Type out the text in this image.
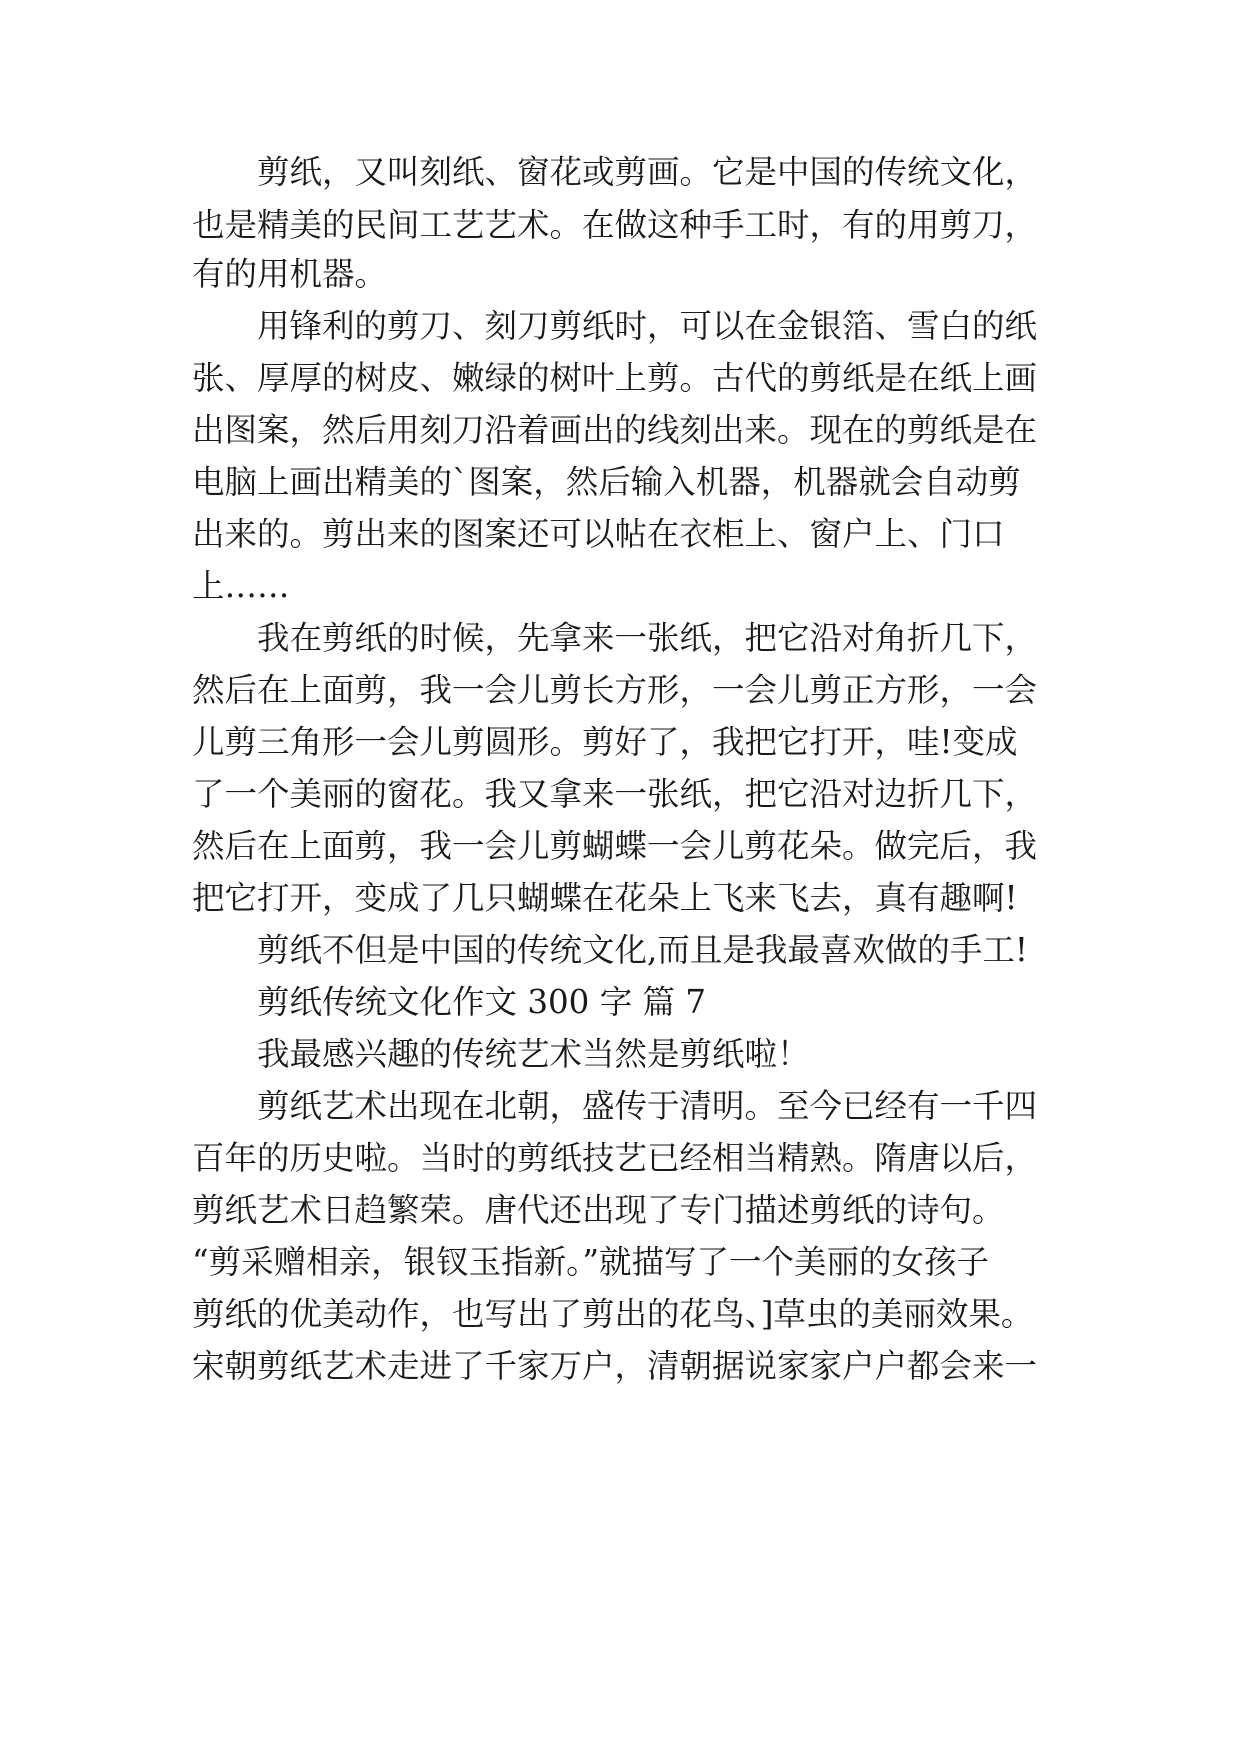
剪纸，又叫刻纸、窗花或剪画。它是中国的传统文化，
也是精美的民间工艺艺术。在做这种手工时，有的用剪刀，
有的用机器。
用锋利的剪刀、刻刀剪纸时，可以在金银箔、雪白的纸
张、厚厚的树皮、嫩绿的树叶上剪。古代的剪纸是在纸上画
出图案，然后用刻刀沿着画出的线刻出来。现在的剪纸是在
电脑上画出精美的`图案，然后输入机器，机器就会自动剪
出来的。剪出来的图案还可以帖在衣柜上、窗户上、门口
上……
我在剪纸的时候，先拿来一张纸，把它沿对角折几下，
然后在上面剪，我一会儿剪长方形，一会儿剪正方形，一会
儿剪三角形一会儿剪圆形。剪好了，我把它打开，哇!变成
了一个美丽的窗花。我又拿来一张纸，把它沿对边折几下，
然后在上面剪，我一会儿剪蝴蝶一会儿剪花朵。做完后，我
把它打开，变成了几只蝴蝶在花朵上飞来飞去，真有趣啊!
剪纸不但是中国的传统文化,而且是我最喜欢做的手工!
剪纸传统文化作文 300 字 篇 7
我最感兴趣的传统艺术当然是剪纸啦！
剪纸艺术出现在北朝，盛传于清明。至今已经有一千四
百年的历史啦。当时的剪纸技艺已经相当精熟。隋唐以后，
剪纸艺术日趋繁荣。唐代还出现了专门描述剪纸的诗句。
“剪采赠相亲，银钗玉指新。”就描写了一个美丽的女孩子
剪纸的优美动作，也写出了剪出的花鸟、]草虫的美丽效果。
宋朝剪纸艺术走进了千家万户，清朝据说家家户户都会来一
